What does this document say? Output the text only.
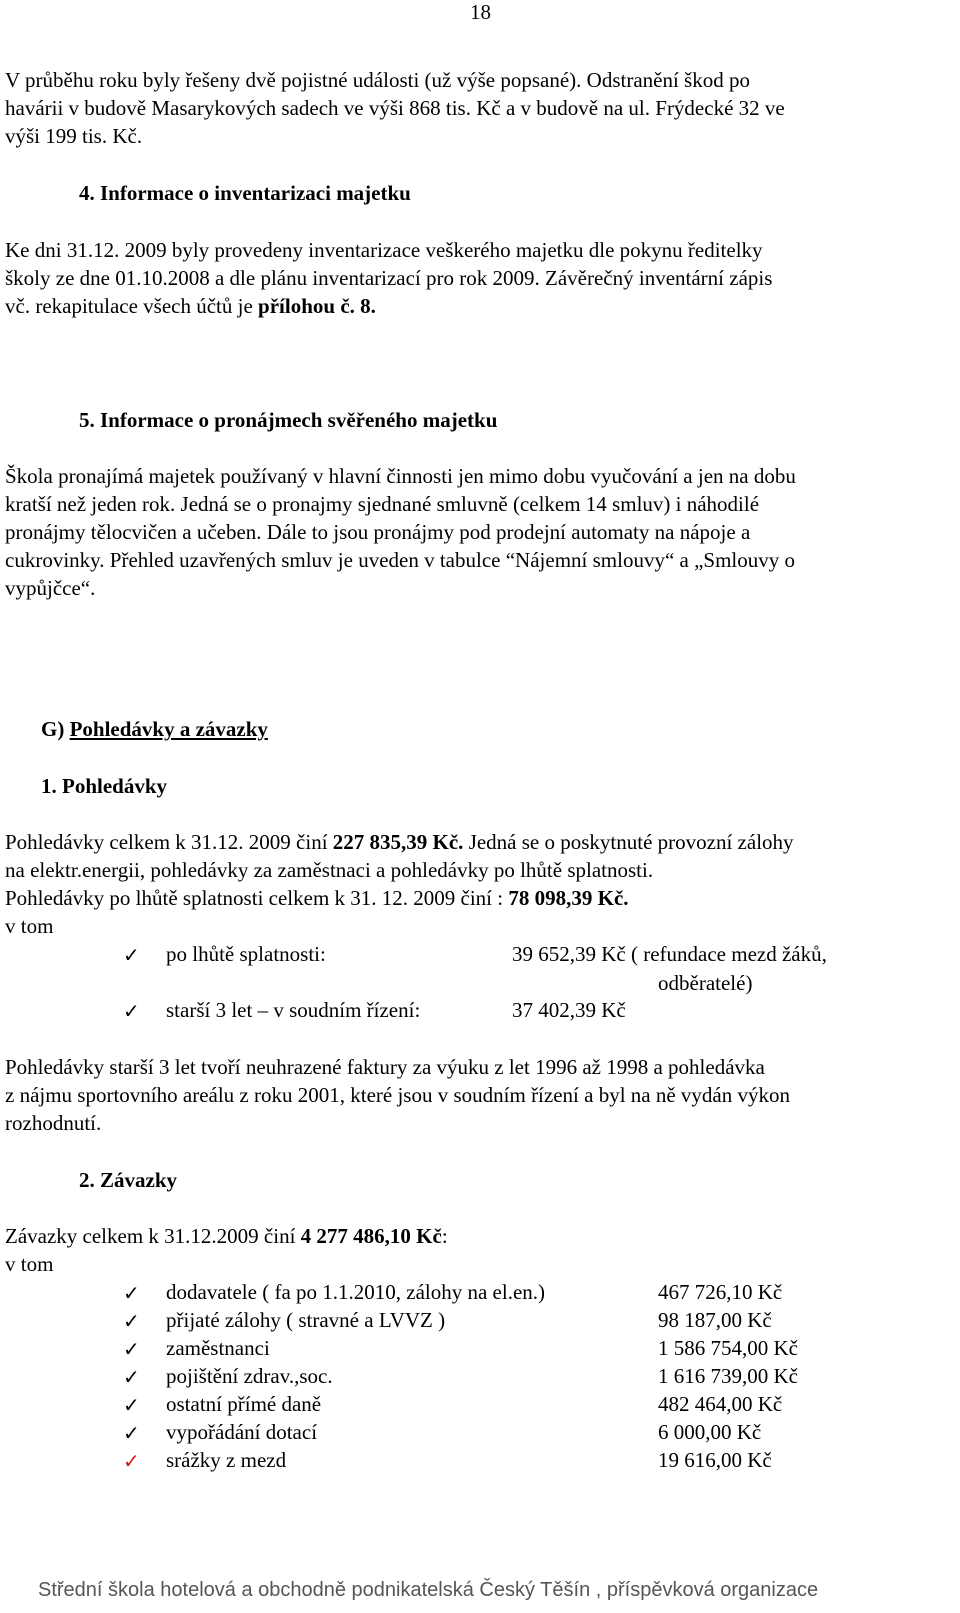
18
V průběhu roku byly řešeny dvě pojistné události (už výše popsané). Odstranění škod po
havárii v budově Masarykových sadech ve výši 868 tis. Kč a v budově na ul. Frýdecké 32 ve
výši 199 tis. Kč.
4. Informace o inventarizaci majetku
Ke dni 31.12. 2009 byly provedeny inventarizace veškerého majetku dle pokynu ředitelky
školy ze dne 01.10.2008 a dle plánu inventarizací pro rok 2009. Závěrečný inventární zápis
vč. rekapitulace všech účtů je přílohou č. 8.
5. Informace o pronájmech svěřeného majetku
Škola pronajímá majetek používaný v hlavní činnosti jen mimo dobu vyučování a jen na dobu
kratší než jeden rok. Jedná se o pronajmy sjednané smluvně (celkem 14 smluv) i náhodilé
pronájmy tělocvičen a učeben. Dále to jsou pronájmy pod prodejní automaty na nápoje a
cukrovinky. Přehled uzavřených smluv je uveden v tabulce “Nájemní smlouvy“ a „Smlouvy o
vypůjčce“.
G) Pohledávky a závazky
1. Pohledávky
Pohledávky celkem k 31.12. 2009 činí 227 835,39 Kč. Jedná se o poskytnuté provozní zálohy
na elektr.energii, pohledávky za zaměstnaci a pohledávky po lhůtě splatnosti.
Pohledávky po lhůtě splatnosti celkem k 31. 12. 2009 činí : 78 098,39 Kč.
v tom
✓ po lhůtě splatnosti:	39 652,39 Kč ( refundace mezd žáků,
odběratelé)
✓ starší 3 let – v soudním řízení:	37 402,39 Kč
Pohledávky starší 3 let tvoří neuhrazené faktury za výuku z let 1996 až 1998 a pohledávka
z nájmu sportovního areálu z roku 2001, které jsou v soudním řízení a byl na ně vydán výkon
rozhodnutí.
2. Závazky
Závazky celkem k 31.12.2009 činí 4 277 486,10 Kč:
v tom
✓ dodavatele ( fa po 1.1.2010, zálohy na el.en.)	467 726,10 Kč
✓ přijaté zálohy ( stravné a LVVZ )	98 187,00 Kč
✓ zaměstnanci	1 586 754,00 Kč
✓ pojištění zdrav.,soc.	1 616 739,00 Kč
✓ ostatní přímé daně	482 464,00 Kč
✓ vypořádání dotací	6 000,00 Kč
✓ srážky z mezd	19 616,00 Kč
Střední škola hotelová a obchodně podnikatelská Český Těšín , příspěvková organizace
